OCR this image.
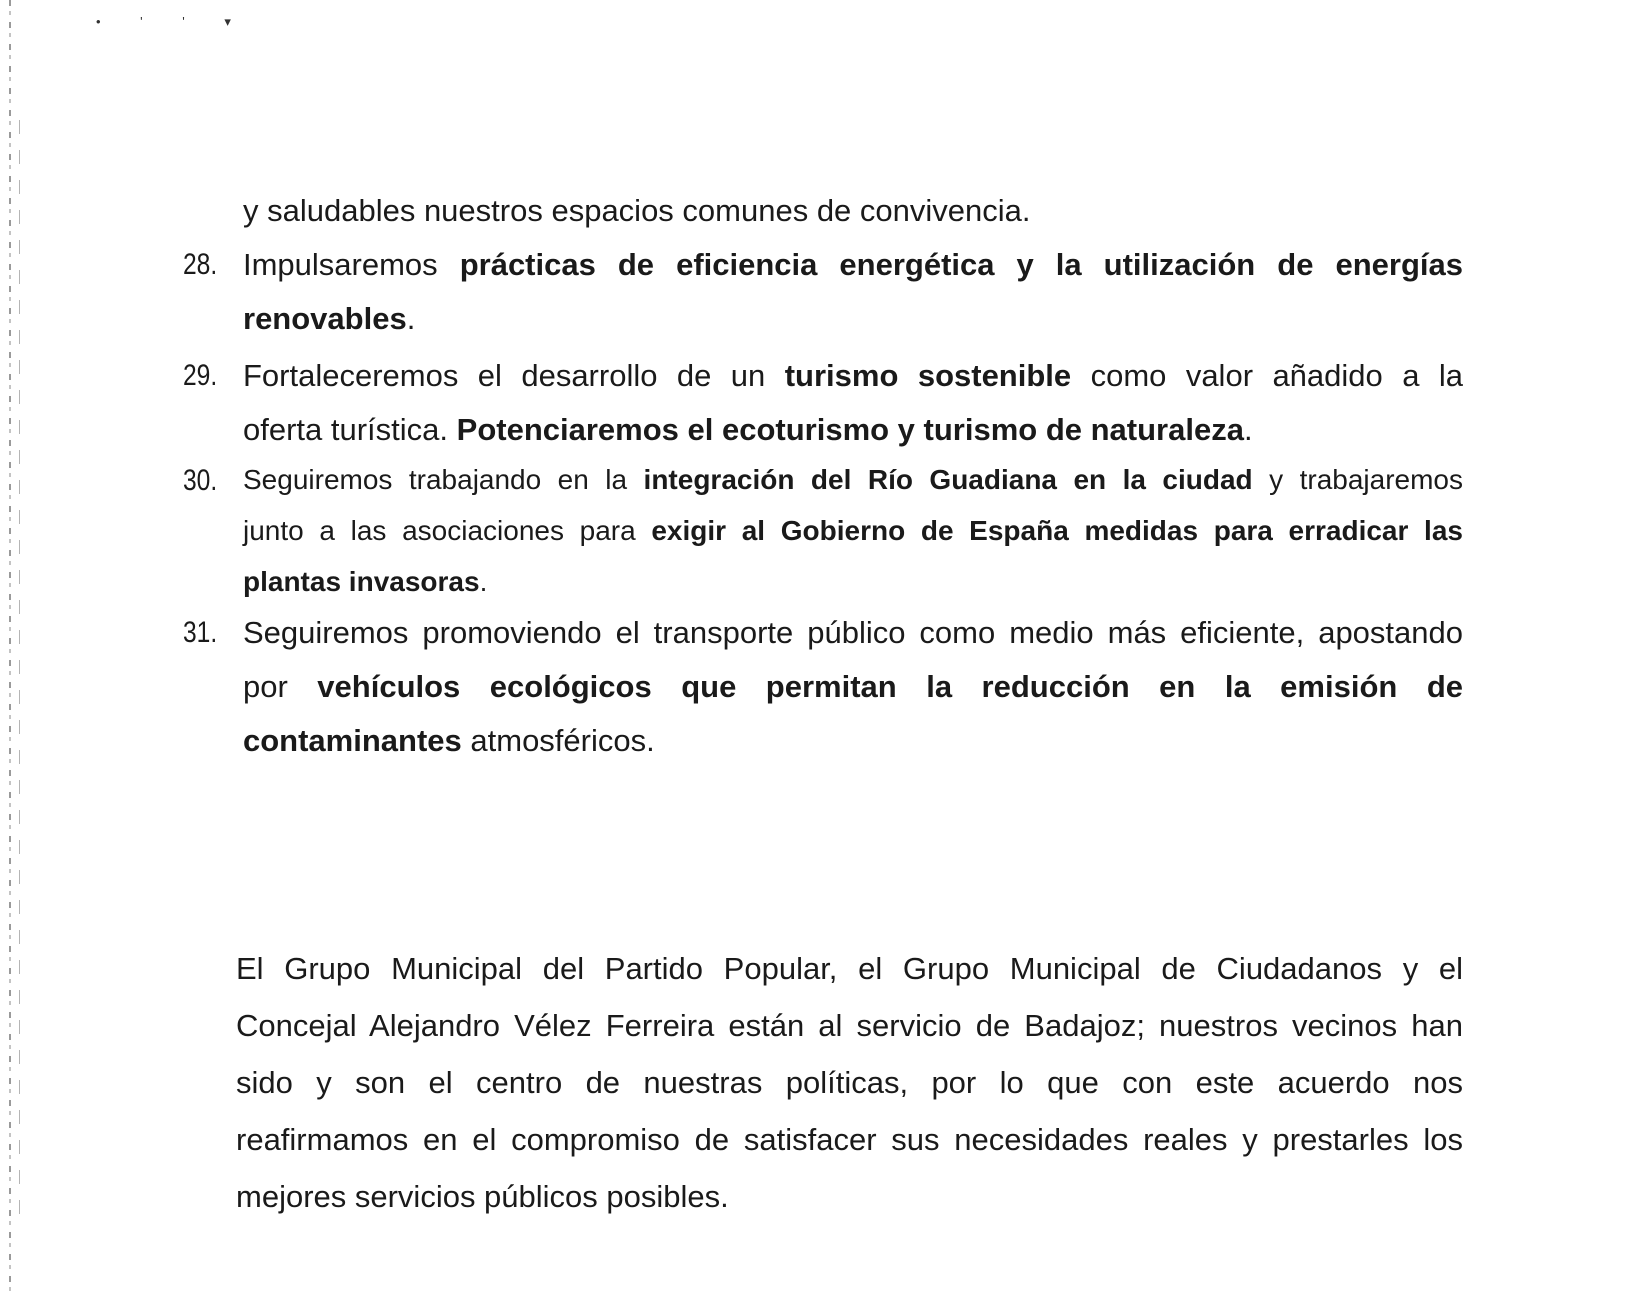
• ' ' ▾
y saludables nuestros espacios comunes de convivencia.
28. Impulsaremos prácticas de eficiencia energética y la utilización de energías
renovables.
29. Fortaleceremos el desarrollo de un turismo sostenible como valor añadido a la
oferta turística. Potenciaremos el ecoturismo y turismo de naturaleza.
30. Seguiremos trabajando en la integración del Río Guadiana en la ciudad y trabajaremos
junto a las asociaciones para exigir al Gobierno de España medidas para erradicar las
plantas invasoras.
31. Seguiremos promoviendo el transporte público como medio más eficiente, apostando
por vehículos ecológicos que permitan la reducción en la emisión de
contaminantes atmosféricos.
El Grupo Municipal del Partido Popular, el Grupo Municipal de Ciudadanos y el
Concejal Alejandro Vélez Ferreira están al servicio de Badajoz; nuestros vecinos han
sido y son el centro de nuestras políticas, por lo que con este acuerdo nos
reafirmamos en el compromiso de satisfacer sus necesidades reales y prestarles los
mejores servicios públicos posibles.
